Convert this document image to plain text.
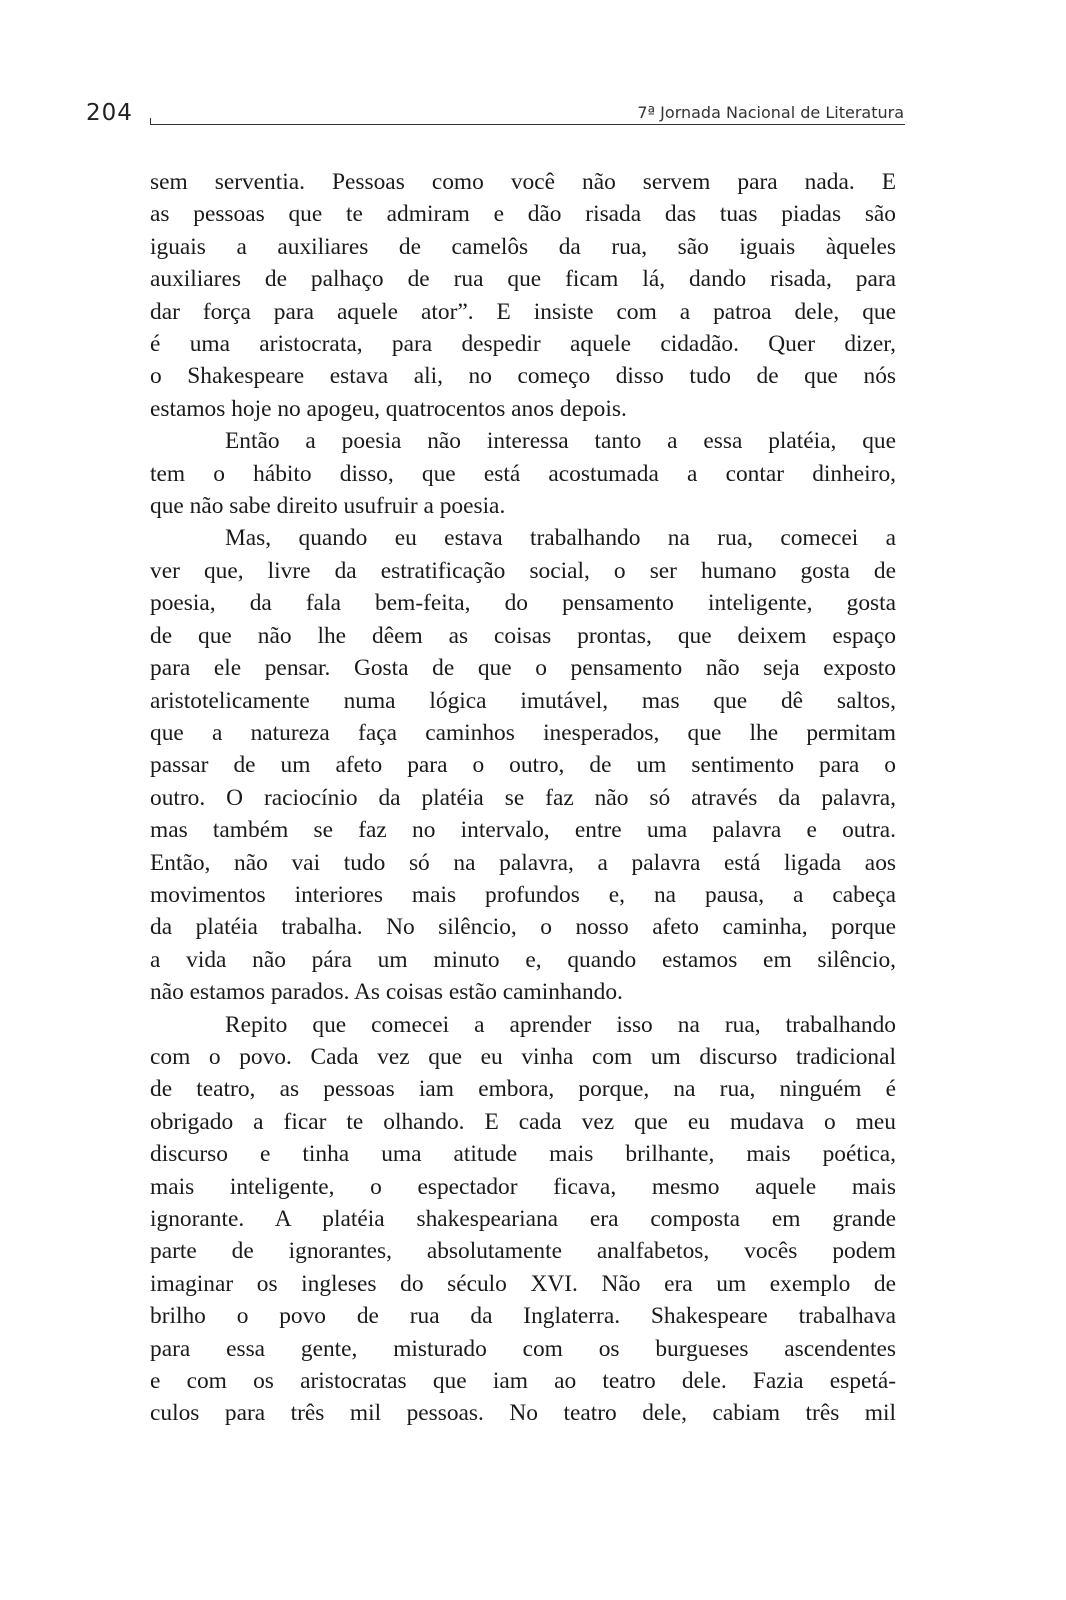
204	7ª Jornada Nacional de Literatura

sem serventia. Pessoas como você não servem para nada. E
as pessoas que te admiram e dão risada das tuas piadas são
iguais a auxiliares de camelôs da rua, são iguais àqueles
auxiliares de palhaço de rua que ficam lá, dando risada, para
dar força para aquele ator”. E insiste com a patroa dele, que
é uma aristocrata, para despedir aquele cidadão. Quer dizer,
o Shakespeare estava ali, no começo disso tudo de que nós
estamos hoje no apogeu, quatrocentos anos depois.

Então a poesia não interessa tanto a essa platéia, que
tem o hábito disso, que está acostumada a contar dinheiro,
que não sabe direito usufruir a poesia.

Mas, quando eu estava trabalhando na rua, comecei a
ver que, livre da estratificação social, o ser humano gosta de
poesia, da fala bem-feita, do pensamento inteligente, gosta
de que não lhe dêem as coisas prontas, que deixem espaço
para ele pensar. Gosta de que o pensamento não seja exposto
aristotelicamente numa lógica imutável, mas que dê saltos,
que a natureza faça caminhos inesperados, que lhe permitam
passar de um afeto para o outro, de um sentimento para o
outro. O raciocínio da platéia se faz não só através da palavra,
mas também se faz no intervalo, entre uma palavra e outra.
Então, não vai tudo só na palavra, a palavra está ligada aos
movimentos interiores mais profundos e, na pausa, a cabeça
da platéia trabalha. No silêncio, o nosso afeto caminha, porque
a vida não pára um minuto e, quando estamos em silêncio,
não estamos parados. As coisas estão caminhando.

Repito que comecei a aprender isso na rua, trabalhando
com o povo. Cada vez que eu vinha com um discurso tradicional
de teatro, as pessoas iam embora, porque, na rua, ninguém é
obrigado a ficar te olhando. E cada vez que eu mudava o meu
discurso e tinha uma atitude mais brilhante, mais poética,
mais inteligente, o espectador ficava, mesmo aquele mais
ignorante. A platéia shakespeariana era composta em grande
parte de ignorantes, absolutamente analfabetos, vocês podem
imaginar os ingleses do século XVI. Não era um exemplo de
brilho o povo de rua da Inglaterra. Shakespeare trabalhava
para essa gente, misturado com os burgueses ascendentes
e com os aristocratas que iam ao teatro dele. Fazia espetá-
culos para três mil pessoas. No teatro dele, cabiam três mil
